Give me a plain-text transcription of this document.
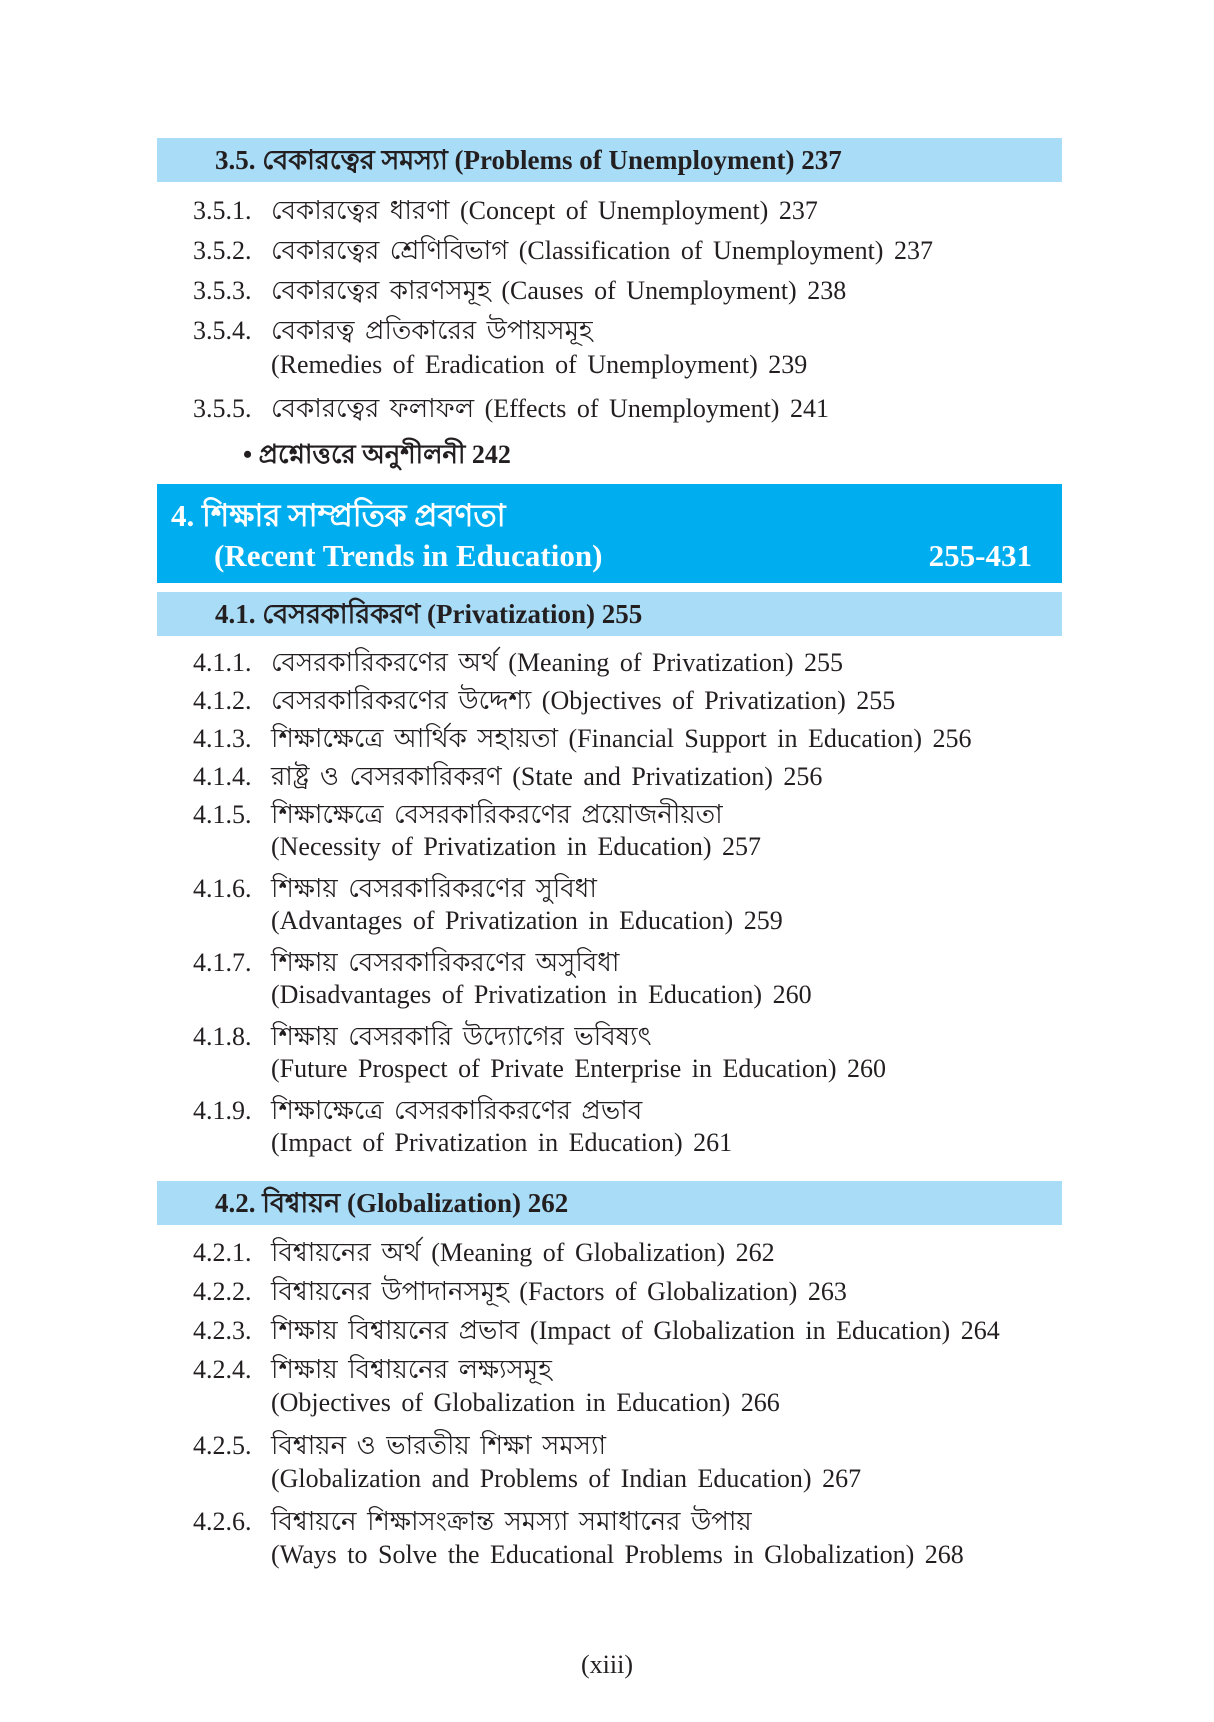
3.5. বেকারত্বের সমস্যা (Problems of Unemployment) 237
3.5.1. বেকারত্বের ধারণা (Concept of Unemployment) 237
3.5.2. বেকারত্বের শ্রেণিবিভাগ (Classification of Unemployment) 237
3.5.3. বেকারত্বের কারণসমূহ (Causes of Unemployment) 238
3.5.4. বেকারত্ব প্রতিকারের উপায়সমূহ
(Remedies of Eradication of Unemployment) 239
3.5.5. বেকারত্বের ফলাফল (Effects of Unemployment) 241
• প্রশ্নোত্তরে অনুশীলনী 242
4. শিক্ষার সাম্প্রতিক প্রবণতা
(Recent Trends in Education)	255-431
4.1. বেসরকারিকরণ (Privatization) 255
4.1.1. বেসরকারিকরণের অর্থ (Meaning of Privatization) 255
4.1.2. বেসরকারিকরণের উদ্দেশ্য (Objectives of Privatization) 255
4.1.3. শিক্ষাক্ষেত্রে আর্থিক সহায়তা (Financial Support in Education) 256
4.1.4. রাষ্ট্র ও বেসরকারিকরণ (State and Privatization) 256
4.1.5. শিক্ষাক্ষেত্রে বেসরকারিকরণের প্রয়োজনীয়তা
(Necessity of Privatization in Education) 257
4.1.6. শিক্ষায় বেসরকারিকরণের সুবিধা
(Advantages of Privatization in Education) 259
4.1.7. শিক্ষায় বেসরকারিকরণের অসুবিধা
(Disadvantages of Privatization in Education) 260
4.1.8. শিক্ষায় বেসরকারি উদ্যোগের ভবিষ্যৎ
(Future Prospect of Private Enterprise in Education) 260
4.1.9. শিক্ষাক্ষেত্রে বেসরকারিকরণের প্রভাব
(Impact of Privatization in Education) 261
4.2. বিশ্বায়ন (Globalization) 262
4.2.1. বিশ্বায়নের অর্থ (Meaning of Globalization) 262
4.2.2. বিশ্বায়নের উপাদানসমূহ (Factors of Globalization) 263
4.2.3. শিক্ষায় বিশ্বায়নের প্রভাব (Impact of Globalization in Education) 264
4.2.4. শিক্ষায় বিশ্বায়নের লক্ষ্যসমূহ
(Objectives of Globalization in Education) 266
4.2.5. বিশ্বায়ন ও ভারতীয় শিক্ষা সমস্যা
(Globalization and Problems of Indian Education) 267
4.2.6. বিশ্বায়নে শিক্ষাসংক্রান্ত সমস্যা সমাধানের উপায়
(Ways to Solve the Educational Problems in Globalization) 268
(xiii)
